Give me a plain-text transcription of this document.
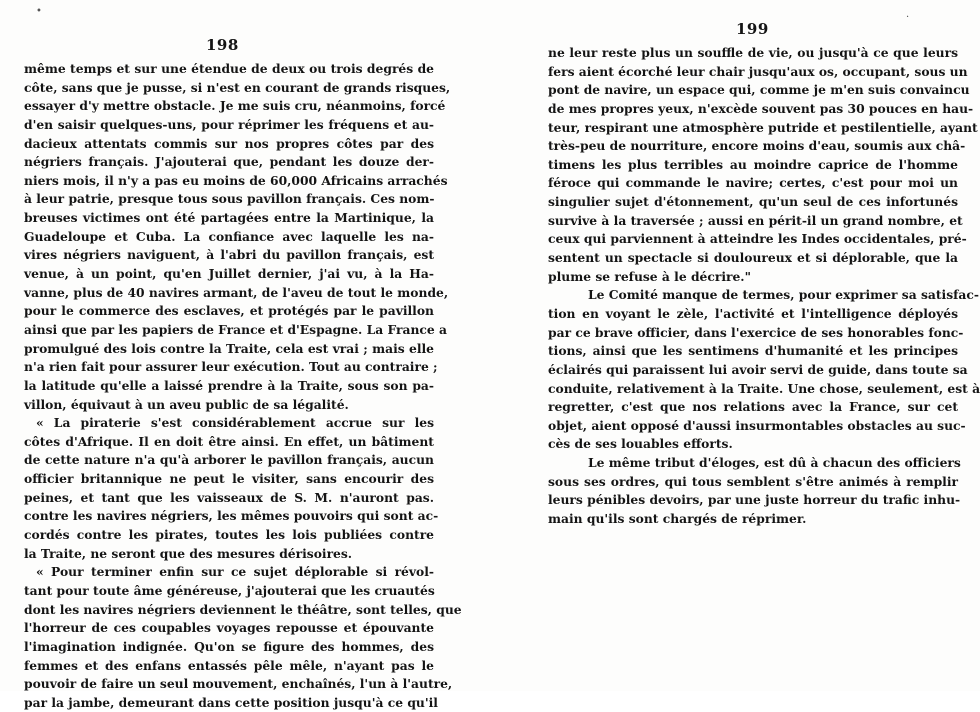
•
198
même temps et sur une étendue de deux ou trois degrés de
côte, sans que je pusse, si n'est en courant de grands risques,
essayer d'y mettre obstacle. Je me suis cru, néanmoins, forcé
d'en saisir quelques-uns, pour réprimer les fréquens et au-
dacieux attentats commis sur nos propres côtes par des
négriers français. J'ajouterai que, pendant les douze der-
niers mois, il n'y a pas eu moins de 60,000 Africains arrachés
à leur patrie, presque tous sous pavillon français. Ces nom-
breuses victimes ont été partagées entre la Martinique, la
Guadeloupe et Cuba. La confiance avec laquelle les na-
vires négriers naviguent, à l'abri du pavillon français, est
venue, à un point, qu'en Juillet dernier, j'ai vu, à la Ha-
vanne, plus de 40 navires armant, de l'aveu de tout le monde,
pour le commerce des esclaves, et protégés par le pavillon
ainsi que par les papiers de France et d'Espagne. La France a
promulgué des lois contre la Traite, cela est vrai ; mais elle
n'a rien fait pour assurer leur exécution. Tout au contraire ;
la latitude qu'elle a laissé prendre à la Traite, sous son pa-
villon, équivaut à un aveu public de sa légalité.
« La piraterie s'est considérablement accrue sur les
côtes d'Afrique. Il en doit être ainsi. En effet, un bâtiment
de cette nature n'a qu'à arborer le pavillon français, aucun
officier britannique ne peut le visiter, sans encourir des
peines, et tant que les vaisseaux de S. M. n'auront pas.
contre les navires négriers, les mêmes pouvoirs qui sont ac-
cordés contre les pirates, toutes les lois publiées contre
la Traite, ne seront que des mesures dérisoires.
« Pour terminer enfin sur ce sujet déplorable si révol-
tant pour toute âme généreuse, j'ajouterai que les cruautés
dont les navires négriers deviennent le théâtre, sont telles, que
l'horreur de ces coupables voyages repousse et épouvante
l'imagination indignée. Qu'on se figure des hommes, des
femmes et des enfans entassés pêle mêle, n'ayant pas le
pouvoir de faire un seul mouvement, enchaînés, l'un à l'autre,
par la jambe, demeurant dans cette position jusqu'à ce qu'il
·
199
ne leur reste plus un souffle de vie, ou jusqu'à ce que leurs
fers aient écorché leur chair jusqu'aux os, occupant, sous un
pont de navire, un espace qui, comme je m'en suis convaincu
de mes propres yeux, n'excède souvent pas 30 pouces en hau-
teur, respirant une atmosphère putride et pestilentielle, ayant
très-peu de nourriture, encore moins d'eau, soumis aux châ-
timens les plus terribles au moindre caprice de l'homme
féroce qui commande le navire; certes, c'est pour moi un
singulier sujet d'étonnement, qu'un seul de ces infortunés
survive à la traversée ; aussi en périt-il un grand nombre, et
ceux qui parviennent à atteindre les Indes occidentales, pré-
sentent un spectacle si douloureux et si déplorable, que la
plume se refuse à le décrire."
Le Comité manque de termes, pour exprimer sa satisfac-
tion en voyant le zèle, l'activité et l'intelligence déployés
par ce brave officier, dans l'exercice de ses honorables fonc-
tions, ainsi que les sentimens d'humanité et les principes
éclairés qui paraissent lui avoir servi de guide, dans toute sa
conduite, relativement à la Traite. Une chose, seulement, est à
regretter, c'est que nos relations avec la France, sur cet
objet, aient opposé d'aussi insurmontables obstacles au suc-
cès de ses louables efforts.
Le même tribut d'éloges, est dû à chacun des officiers
sous ses ordres, qui tous semblent s'être animés à remplir
leurs pénibles devoirs, par une juste horreur du trafic inhu-
main qu'ils sont chargés de réprimer.
